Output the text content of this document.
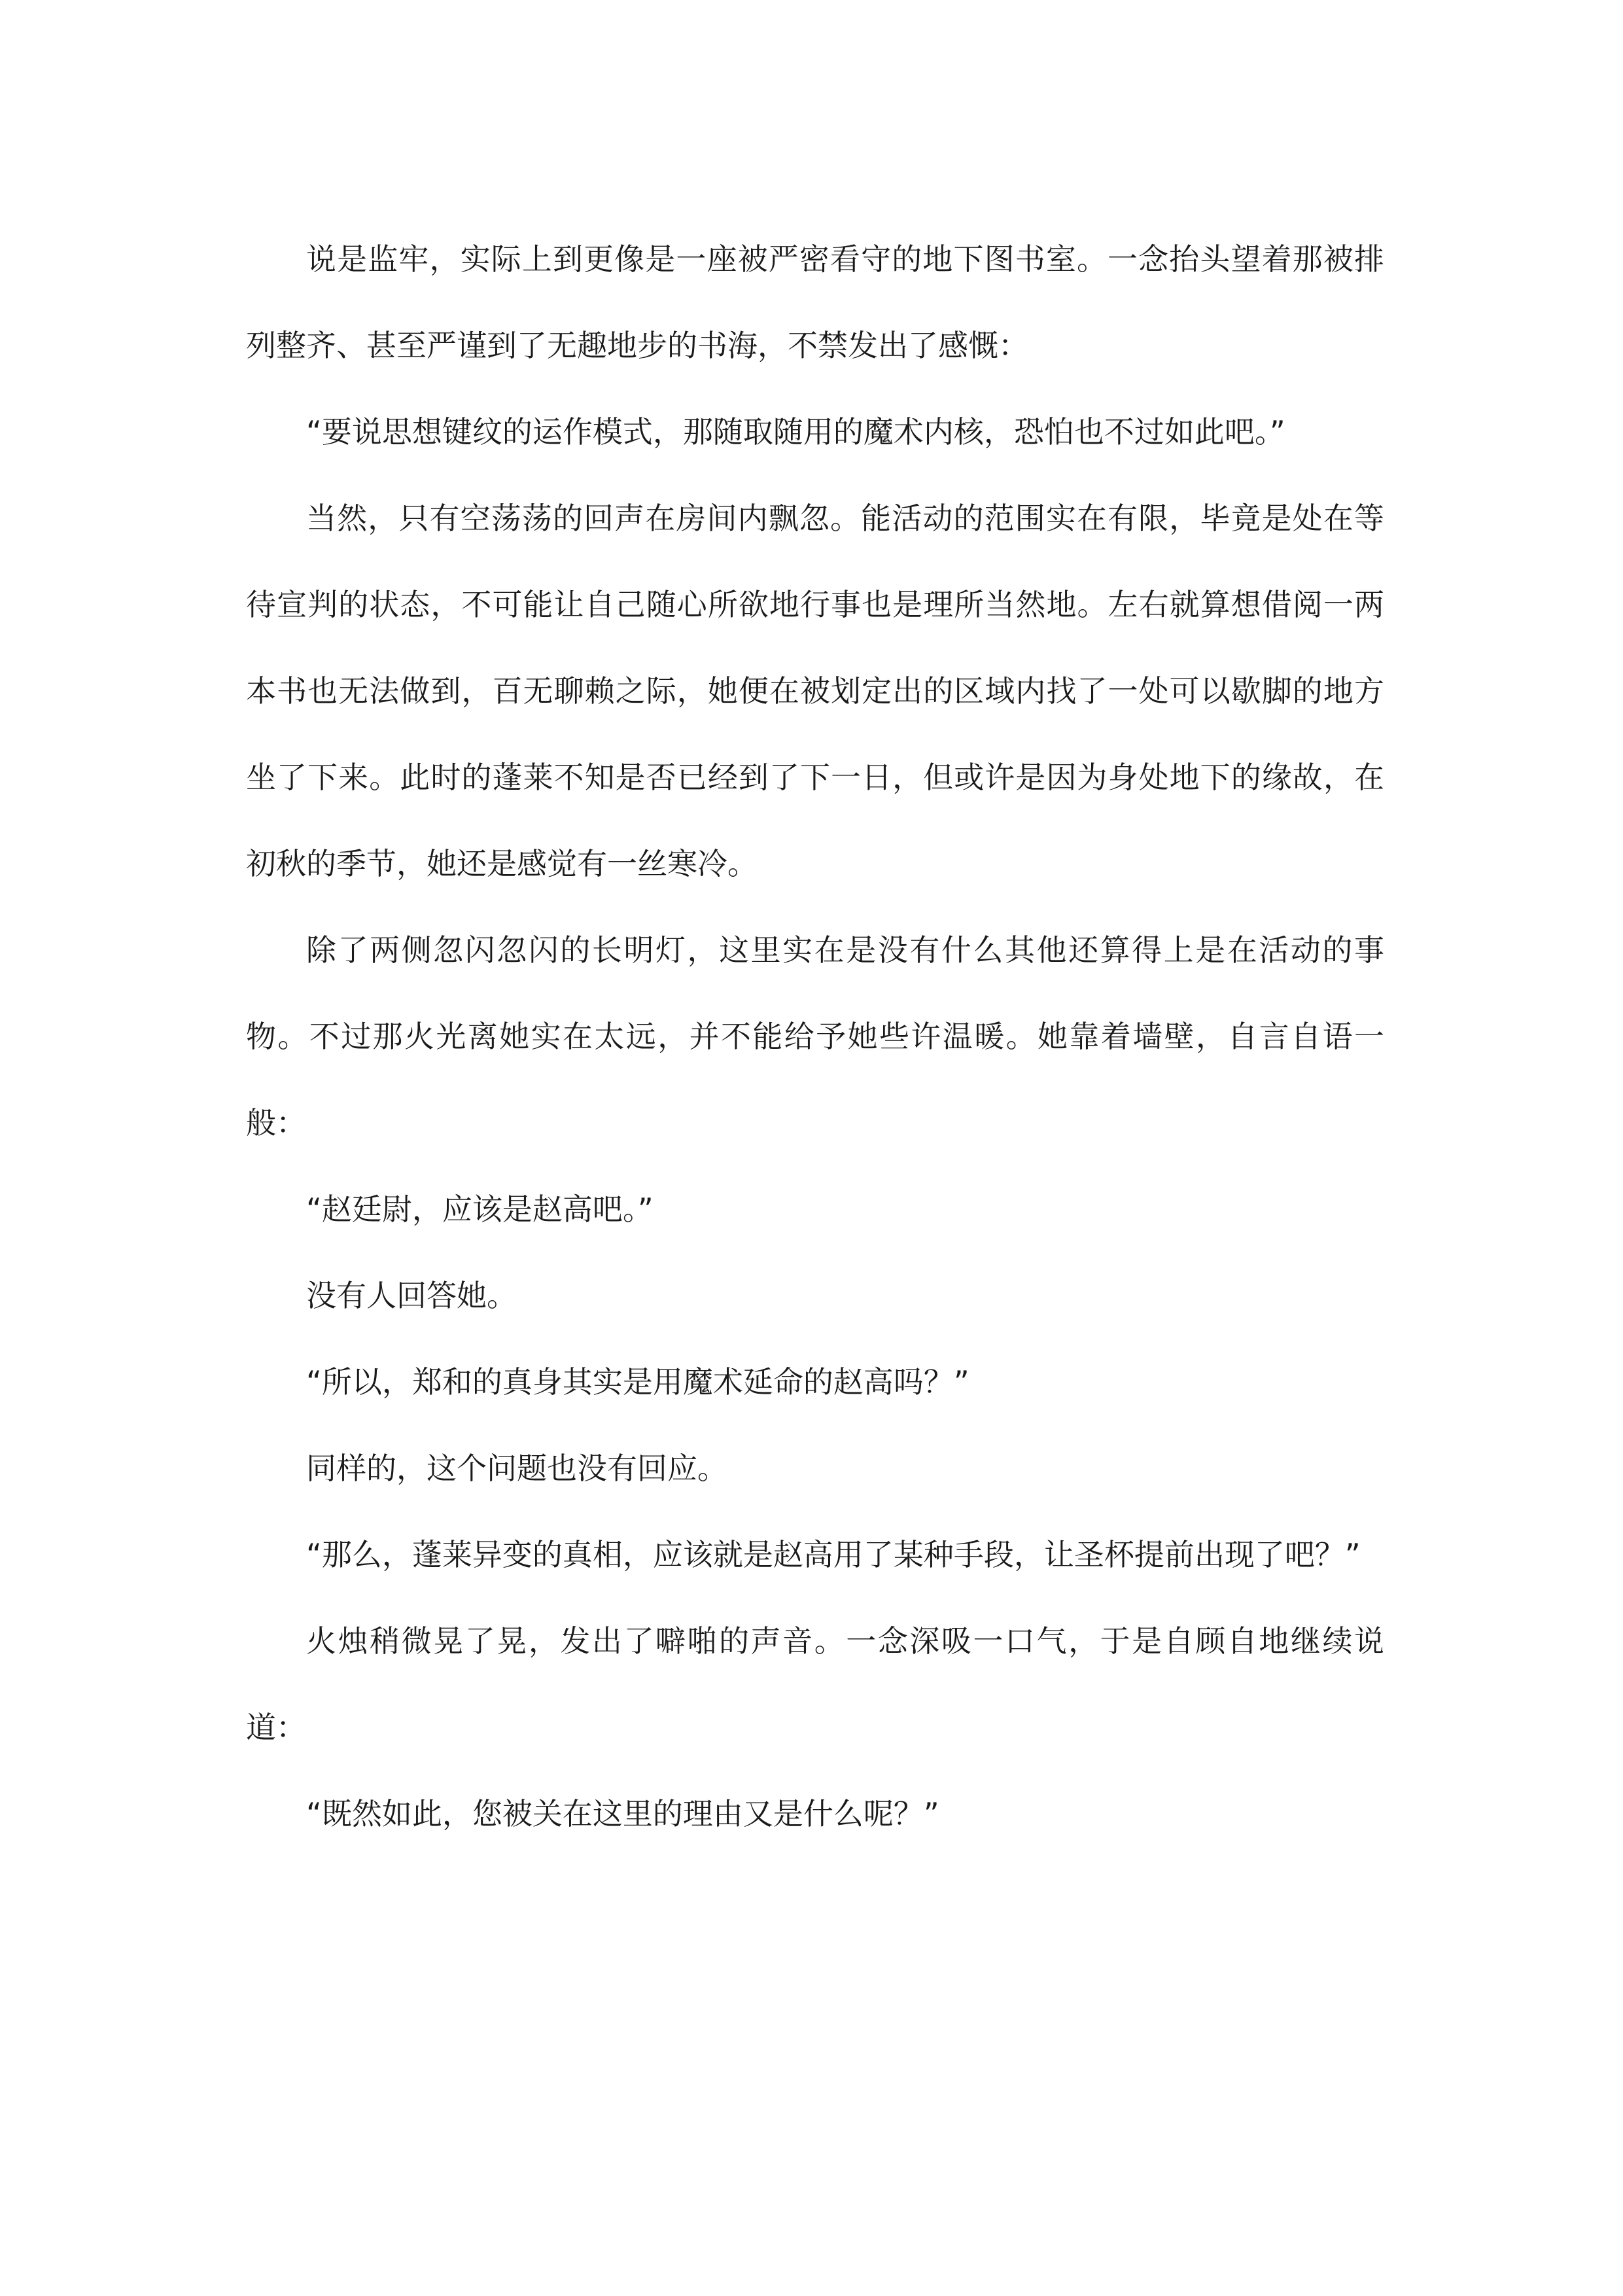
说是监牢，实际上到更像是一座被严密看守的地下图书室。一念抬头望着那被排列整齐、甚至严谨到了无趣地步的书海，不禁发出了感慨：

“要说思想键纹的运作模式，那随取随用的魔术内核，恐怕也不过如此吧。”

当然，只有空荡荡的回声在房间内飘忽。能活动的范围实在有限，毕竟是处在等待宣判的状态，不可能让自己随心所欲地行事也是理所当然地。左右就算想借阅一两本书也无法做到，百无聊赖之际，她便在被划定出的区域内找了一处可以歇脚的地方坐了下来。此时的蓬莱不知是否已经到了下一日，但或许是因为身处地下的缘故，在初秋的季节，她还是感觉有一丝寒冷。

除了两侧忽闪忽闪的长明灯，这里实在是没有什么其他还算得上是在活动的事物。不过那火光离她实在太远，并不能给予她些许温暖。她靠着墙壁，自言自语一般：

“赵廷尉，应该是赵高吧。”

没有人回答她。

“所以，郑和的真身其实是用魔术延命的赵高吗？”

同样的，这个问题也没有回应。

“那么，蓬莱异变的真相，应该就是赵高用了某种手段，让圣杯提前出现了吧？”

火烛稍微晃了晃，发出了噼啪的声音。一念深吸一口气，于是自顾自地继续说道：

“既然如此，您被关在这里的理由又是什么呢？”
